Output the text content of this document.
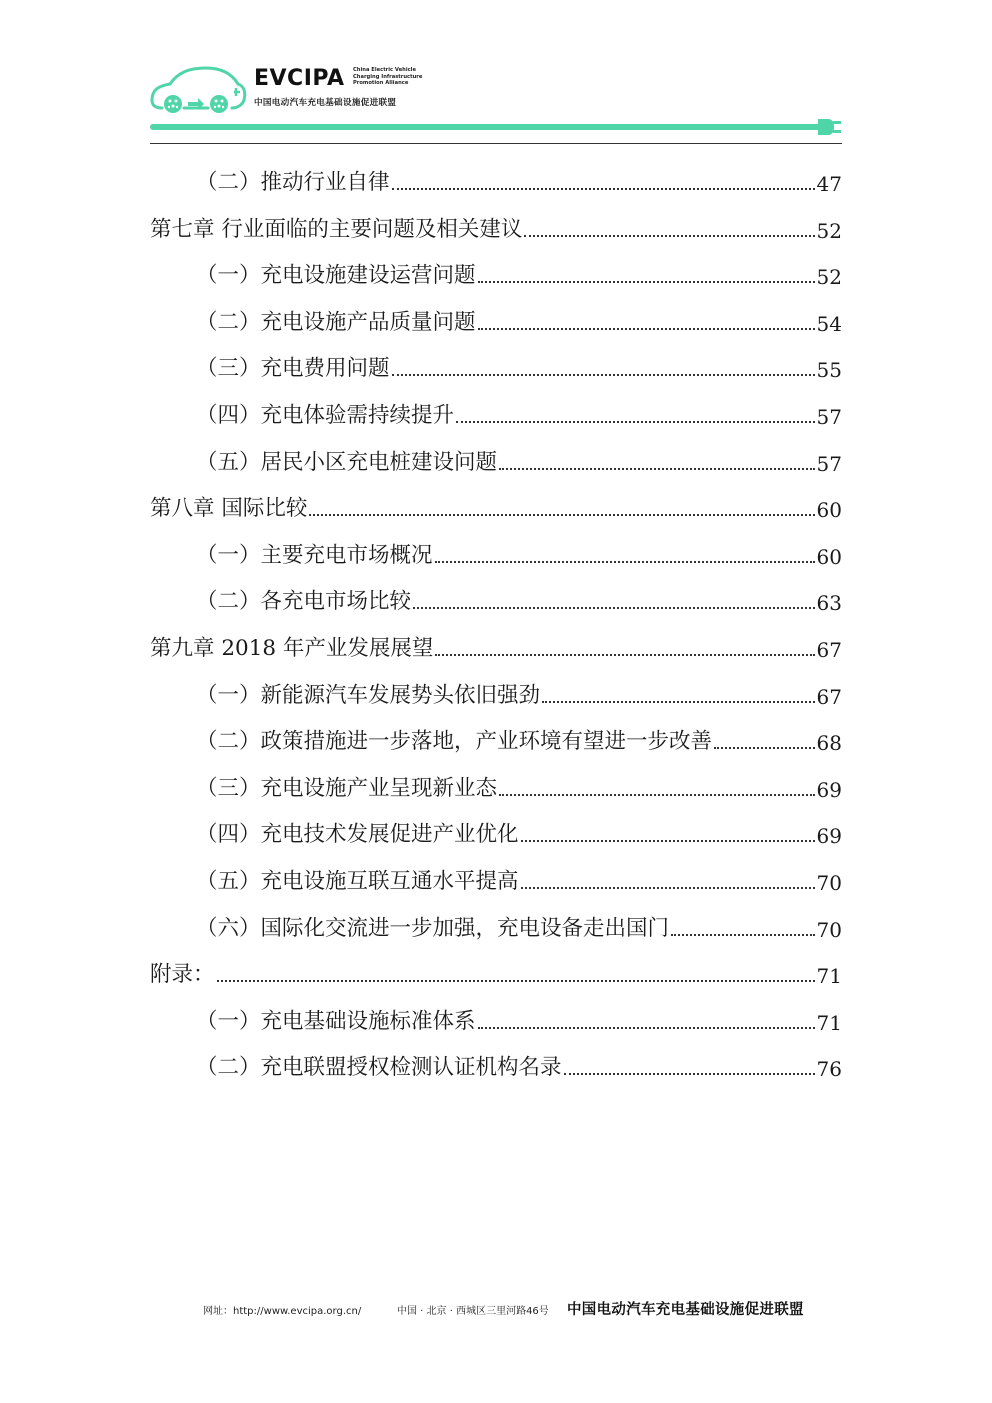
EVCIPA China Electric Vehicle
Charging Infrastructure
Promotion Alliance
中国电动汽车充电基础设施促进联盟
（二）推动行业自律	47
第七章 行业面临的主要问题及相关建议	52
（一）充电设施建设运营问题	52
（二）充电设施产品质量问题	54
（三）充电费用问题	55
（四）充电体验需持续提升	57
（五）居民小区充电桩建设问题	57
第八章 国际比较	60
（一）主要充电市场概况	60
（二）各充电市场比较	63
第九章 2018 年产业发展展望	67
（一）新能源汽车发展势头依旧强劲	67
（二）政策措施进一步落地，产业环境有望进一步改善	68
（三）充电设施产业呈现新业态	69
（四）充电技术发展促进产业优化	69
（五）充电设施互联互通水平提高	70
（六）国际化交流进一步加强，充电设备走出国门	70
附录：	71
（一）充电基础设施标准体系	71
（二）充电联盟授权检测认证机构名录	76
网址：http://www.evcipa.org.cn/	中国 · 北京 · 西城区三里河路46号 中国电动汽车充电基础设施促进联盟
